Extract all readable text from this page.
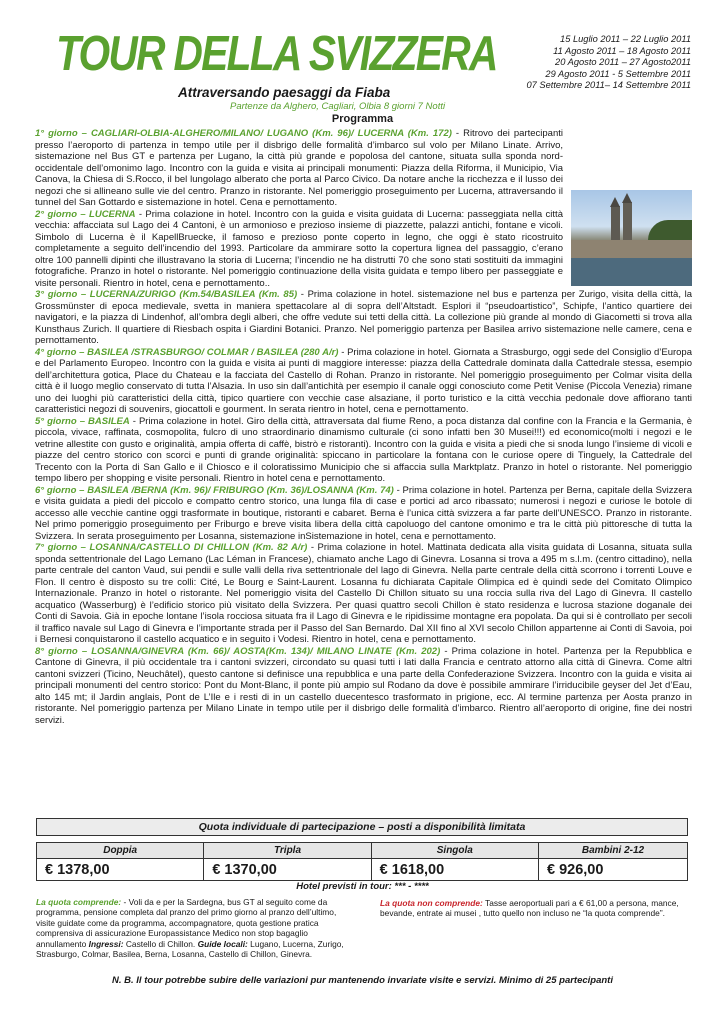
TOUR DELLA SVIZZERA
Attraversando paesaggi da Fiaba
15 Luglio 2011 – 22 Luglio 2011
11 Agosto 2011 – 18 Agosto 2011
20 Agosto 2011 – 27 Agosto2011
29 Agosto 2011 - 5 Settembre 2011
07 Settembre 2011– 14 Settembre 2011
Partenze da Alghero, Cagliari, Olbia 8 giorni 7 Notti
Programma

1° giorno – CAGLIARI-OLBIA-ALGHERO/MILANO/ LUGANO (Km. 96)/ LUCERNA (Km. 172) - Ritrovo dei partecipanti presso l’aeroporto di partenza in tempo utile per il disbrigo delle formalità d’imbarco sul volo per Milano Linate. Arrivo, sistemazione nel Bus GT e partenza per Lugano, la città più grande e popolosa del cantone, situata sulla sponda nord-occidentale dell’omonimo lago. Incontro con la guida e visita ai principali monumenti: Piazza della Riforma, il Municipio, Via Canova, la Chiesa di S.Rocco, il bel lungolago alberato che porta al Parco Civico. Da notare anche la ricchezza e il lusso dei negozi che si allineano sulle vie del centro. Pranzo in ristorante. Nel pomeriggio proseguimento per Lucerna, attraversando il tunnel del San Gottardo e sistemazione in hotel. Cena e pernottamento.

2° giorno – LUCERNA - Prima colazione in hotel. Incontro con la guida e visita guidata di Lucerna: passeggiata nella città vecchia: affacciata sul Lago dei 4 Cantoni, è un armonioso e prezioso insieme di piazzette, palazzi antichi, fontane e vicoli. Simbolo di Lucerna è il KapellBruecke, il famoso e prezioso ponte coperto in legno, che oggi è stato ricostruito completamente a seguito dell’incendio del 1993. Particolare da ammirare sotto la copertura lignea del passaggio, c’erano oltre 100 pannelli dipinti che illustravano la storia di Lucerna; l’incendio ne ha distrutti 70 che sono stati sostituiti da immagini fotografiche. Pranzo in hotel o ristorante. Nel pomeriggio continuazione della visita guidata e tempo libero per passeggiate e visite personali. Rientro in hotel, cena e pernottamento..

3° giorno – LUCERNA/ZURIGO (Km.54/BASILEA (Km. 85) - Prima colazione in hotel. sistemazione nel bus e partenza per Zurigo, visita della città, la Grossmünster di epoca medievale, svetta in maniera spettacolare al di sopra dell’Altstadt. Esplori il “pseudoartistico”, Schipfe, l’antico quartiere dei navigatori, e la piazza di Lindenhof, all’ombra degli alberi, che offre vedute sui tetti della città. La collezione più grande al mondo di Giacometti si trova alla Kunsthaus Zurich. Il quartiere di Riesbach ospita i Giardini Botanici. Pranzo. Nel pomeriggio partenza per Basilea arrivo sistemazione nelle camere, cena e pernottamento.

4° giorno – BASILEA /STRASBURGO/ COLMAR / BASILEA (280 A/r) - Prima colazione in hotel. Giornata a Strasburgo, oggi sede del Consiglio d’Europa e del Parlamento Europeo. Incontro con la guida e visita ai punti di maggiore interesse: piazza della Cattedrale dominata dalla Cattedrale stessa, esempio dell’architettura gotica, Place du Chateau e la facciata del Castello di Rohan. Pranzo in ristorante. Nel pomeriggio proseguimento per Colmar visita della città è il luogo meglio conservato di tutta l’Alsazia. In uso sin dall’antichità per esempio il canale oggi conosciuto come Petit Venise (Piccola Venezia) rimane uno dei luoghi più caratteristici della città, tipico quartiere con vecchie case alsaziane, il porto turistico e la città vecchia pedonale dove affiorano tanti caratteristici negozi di souvenirs, giocattoli e gourment. In serata rientro in hotel, cena e pernottamento.

5° giorno – BASILEA - Prima colazione in hotel. Giro della città, attraversata dal fiume Reno, a poca distanza dal confine con la Francia e la Germania, è piccola, vivace, raffinata, cosmopolita, fulcro di uno straordinario dinamismo culturale (ci sono infatti ben 30 Musei!!!) ed economico(molti i negozi e le vetrine allestite con gusto e originalità, ampia offerta di caffè, bistrò e ristoranti). Incontro con la guida e visita a piedi che si snoda lungo l’insieme di vicoli e piazze del centro storico con scorci e punti di grande originalità: spiccano in particolare la fontana con le curiose opere di Tinguely, la Cattedrale del Trecento con la Porta di San Gallo e il Chiosco e il coloratissimo Municipio che si affaccia sulla Marktplatz. Pranzo in hotel o ristorante. Nel pomeriggio tempo libero per shopping e visite personali. Rientro in hotel cena e pernottamento.

6° giorno – BASILEA /BERNA (Km. 96)/ FRIBURGO (Km. 36)/LOSANNA (Km. 74) - Prima colazione in hotel. Partenza per Berna, capitale della Svizzera e visita guidata a piedi del piccolo e compatto centro storico, una lunga fila di case e portici ad arco ribassato; numerosi i negozi e curiose le botole di accesso alle vecchie cantine oggi trasformate in boutique, ristoranti e cabaret. Berna è l’unica città svizzera a far parte dell’UNESCO. Pranzo in ristorante. Nel primo pomeriggio proseguimento per Friburgo e breve visita libera della città capoluogo del cantone omonimo e tra le città più pittoresche di tutta la Svizzera. In serata proseguimento per Losanna, sistemazione inSistemazione in hotel, cena e pernottamento.

7° giorno – LOSANNA/CASTELLO DI CHILLON (Km. 82 A/r) - Prima colazione in hotel. Mattinata dedicata alla visita guidata di Losanna, situata sulla sponda settentrionale del Lago Lemano (Lac Léman in Francese), chiamato anche Lago di Ginevra. Losanna si trova a 495 m s.l.m. (centro cittadino), nella parte centrale del canton Vaud, sui pendii e sulle valli della riva settentrionale del lago di Ginevra. Nella parte centrale della città scorrono i torrenti Louve e Flon. Il centro è disposto su tre colli: Cité, Le Bourg e Saint-Laurent. Losanna fu dichiarata Capitale Olimpica ed è quindi sede del Comitato Olimpico Internazionale. Pranzo in hotel o ristorante. Nel pomeriggio visita del Castello Di Chillon situato su una roccia sulla riva del Lago di Ginevra. Il castello acquatico (Wasserburg) è l’edificio storico più visitato della Svizzera. Per quasi quattro secoli Chillon è stato residenza e lucrosa stazione doganale dei Conti di Savoia. Già in epoche lontane l’isola rocciosa situata fra il Lago di Ginevra e le ripidissime montagne era popolata. Da qui si è controllato per secoli il traffico navale sul Lago di Ginevra e l’importante strada per il Passo del San Bernardo. Dal XII fino al XVI secolo Chillon appartenne ai Conti di Savoia, poi i Bernesi conquistarono il castello acquatico e in seguito i Vodesi. Rientro in hotel, cena e pernottamento.

8° giorno – LOSANNA/GINEVRA (Km. 66)/ AOSTA(Km. 134)/ MILANO LINATE (Km. 202) - Prima colazione in hotel. Partenza per la Repubblica e Cantone di Ginevra, il più occidentale tra i cantoni svizzeri, circondato su quasi tutti i lati dalla Francia e centrato attorno alla città di Ginevra. Come altri cantoni svizzeri (Ticino, Neuchâtel), questo cantone si definisce una repubblica e una parte della Confederazione Svizzera. Incontro con la guida e visita ai principali monumenti del centro storico: Pont du Mont-Blanc, il ponte più ampio sul Rodano da dove è possibile ammirare l’irriducibile geyser del Jet d’Eau, alto 145 mt; il Jardin anglais, Pont de L’Ile e i resti di in un castello duecentesco trasformato in prigione, ecc. Al termine partenza per Aosta pranzo in ristorante. Nel pomeriggio partenza per Milano Linate in tempo utile per il disbrigo delle formalità d’imbarco. Rientro all’aeroporto di origine, fine dei nostri servizi.

Quota individuale di partecipazione – posti a disponibilità limitata
Doppia	Tripla	Singola	Bambini 2-12
€ 1378,00	€ 1370,00	€ 1618,00	€ 926,00
Hotel previsti in tour: *** - ****
La quota comprende: - Voli da e per la Sardegna, bus GT al seguito come da programma, pensione completa dal pranzo del primo giorno al pranzo dell’ultimo, visite guidate come da programma, accompagnatore, quota gestione pratica comprensiva di assicurazione Europassistance Medico non stop bagaglio annullamento Ingressi: Castello di Chillon. Guide locali: Lugano, Lucerna, Zurigo, Strasburgo, Colmar, Basilea, Berna, Losanna, Castello di Chillon, Ginevra.
La quota non comprende: Tasse aeroportuali pari a € 61,00 a persona, mance, bevande, entrate ai musei , tutto quello non incluso ne “la quota comprende”.
N. B. Il tour potrebbe subire delle variazioni pur mantenendo invariate visite e servizi. Minimo di 25 partecipanti
